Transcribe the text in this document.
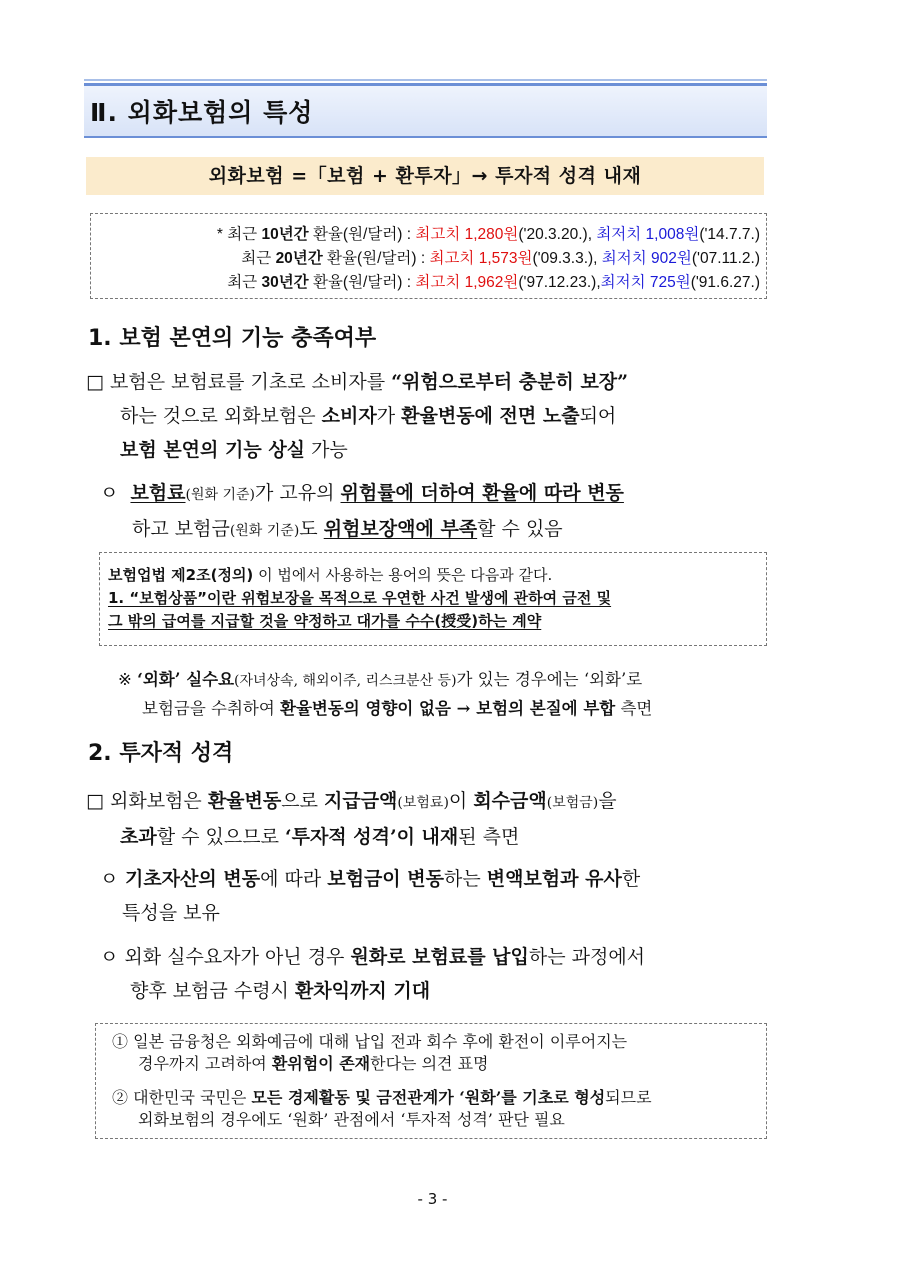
Ⅱ. 외화보험의 특성
외화보험 =「보험 + 환투자」→ 투자적 성격 내재
* 최근 10년간 환율(원/달러) : 최고치 1,280원('20.3.20.), 최저치 1,008원('14.7.7.)
최근 20년간 환율(원/달러) : 최고치 1,573원('09.3.3.), 최저치 902원('07.11.2.)
최근 30년간 환율(원/달러) : 최고치 1,962원('97.12.23.),최저치 725원('91.6.27.)
1. 보험 본연의 기능 충족여부
□ 보험은 보험료를 기초로 소비자를 “위험으로부터 충분히 보장”
하는 것으로 외화보험은 소비자가 환율변동에 전면 노출되어
보험 본연의 기능 상실 가능
ㅇ 보험료(원화 기준)가 고유의 위험률에 더하여 환율에 따라 변동
하고 보험금(원화 기준)도 위험보장액에 부족할 수 있음
보험업법 제2조(정의) 이 법에서 사용하는 용어의 뜻은 다음과 같다.
1. “보험상품”이란 위험보장을 목적으로 우연한 사건 발생에 관하여 금전 및
그 밖의 급여를 지급할 것을 약정하고 대가를 수수(授受)하는 계약
※ ‘외화’ 실수요(자녀상속, 해외이주, 리스크분산 등)가 있는 경우에는 ‘외화’로
보험금을 수취하여 환율변동의 영향이 없음 → 보험의 본질에 부합 측면
2. 투자적 성격
□ 외화보험은 환율변동으로 지급금액(보험료)이 회수금액(보험금)을
초과할 수 있으므로 ‘투자적 성격’이 내재된 측면
ㅇ 기초자산의 변동에 따라 보험금이 변동하는 변액보험과 유사한
특성을 보유
ㅇ 외화 실수요자가 아닌 경우 원화로 보험료를 납입하는 과정에서
향후 보험금 수령시 환차익까지 기대
① 일본 금융청은 외화예금에 대해 납입 전과 회수 후에 환전이 이루어지는
경우까지 고려하여 환위험이 존재한다는 의견 표명
② 대한민국 국민은 모든 경제활동 및 금전관계가 ‘원화’를 기초로 형성되므로
외화보험의 경우에도 ‘원화’ 관점에서 ‘투자적 성격’ 판단 필요
- 3 -
